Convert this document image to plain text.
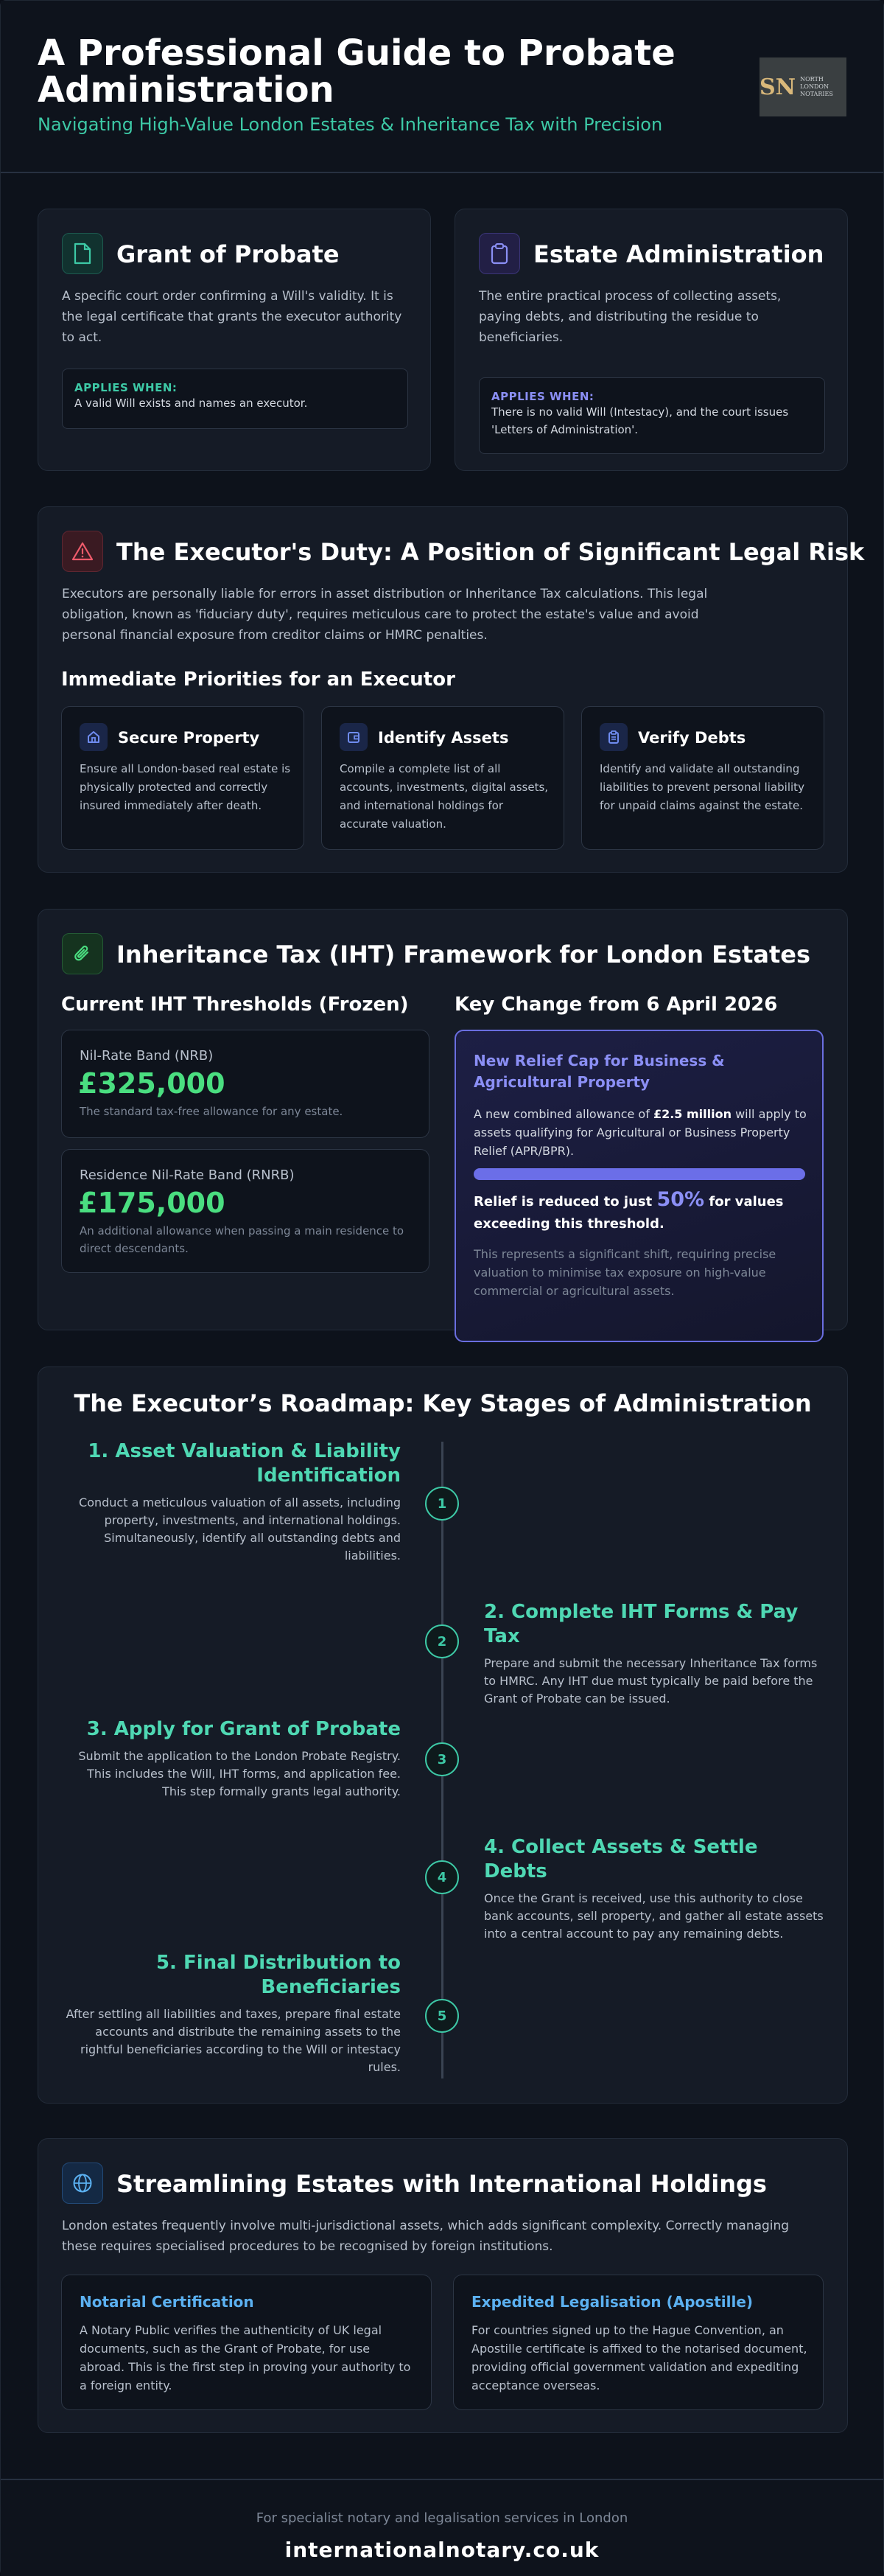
A Professional Guide to Probate Administration
Navigating High-Value London Estates & Inheritance Tax with Precision
SN NORTH LONDON
NOTARIES
Grant of Probate
A specific court order confirming a Will's validity. It is the legal certificate that grants the executor authority to act.
APPLIES WHEN:
A valid Will exists and names an executor.
Estate Administration
The entire practical process of collecting assets, paying debts, and distributing the residue to beneficiaries.
APPLIES WHEN:
There is no valid Will (Intestacy), and the court issues 'Letters of Administration'.
The Executor's Duty: A Position of Significant Legal Risk
Executors are personally liable for errors in asset distribution or Inheritance Tax calculations. This legal obligation, known as 'fiduciary duty', requires meticulous care to protect the estate's value and avoid personal financial exposure from creditor claims or HMRC penalties.
Immediate Priorities for an Executor
Secure Property
Ensure all London-based real estate is physically protected and correctly insured immediately after death.
Identify Assets
Compile a complete list of all accounts, investments, digital assets, and international holdings for accurate valuation.
Verify Debts
Identify and validate all outstanding liabilities to prevent personal liability for unpaid claims against the estate.
Inheritance Tax (IHT) Framework for London Estates
Current IHT Thresholds (Frozen) Key Change from 6 April 2026
Nil-Rate Band (NRB)
£325,000
The standard tax-free allowance for any estate.
Residence Nil-Rate Band (RNRB)
£175,000
An additional allowance when passing a main residence to direct descendants.
New Relief Cap for Business & Agricultural Property
A new combined allowance of £2.5 million will apply to assets qualifying for Agricultural or Business Property Relief (APR/BPR).
Relief is reduced to just 50% for values exceeding this threshold.
This represents a significant shift, requiring precise valuation to minimise tax exposure on high-value commercial or agricultural assets.
The Executor’s Roadmap: Key Stages of Administration
1. Asset Valuation & Liability Identification
Conduct a meticulous valuation of all assets, including property, investments, and international holdings. Simultaneously, identify all outstanding debts and liabilities.
1
2. Complete IHT Forms & Pay Tax
Prepare and submit the necessary Inheritance Tax forms to HMRC. Any IHT due must typically be paid before the Grant of Probate can be issued.
2
3. Apply for Grant of Probate
Submit the application to the London Probate Registry. This includes the Will, IHT forms, and application fee. This step formally grants legal authority.
3
4. Collect Assets & Settle Debts
Once the Grant is received, use this authority to close bank accounts, sell property, and gather all estate assets into a central account to pay any remaining debts.
4
5. Final Distribution to Beneficiaries
After settling all liabilities and taxes, prepare final estate accounts and distribute the remaining assets to the rightful beneficiaries according to the Will or intestacy rules.
5
Streamlining Estates with International Holdings
London estates frequently involve multi-jurisdictional assets, which adds significant complexity. Correctly managing these requires specialised procedures to be recognised by foreign institutions.
Notarial Certification
A Notary Public verifies the authenticity of UK legal documents, such as the Grant of Probate, for use abroad. This is the first step in proving your authority to a foreign entity.
Expedited Legalisation (Apostille)
For countries signed up to the Hague Convention, an Apostille certificate is affixed to the notarised document, providing official government validation and expediting acceptance overseas.
For specialist notary and legalisation services in London
internationalnotary.co.uk
